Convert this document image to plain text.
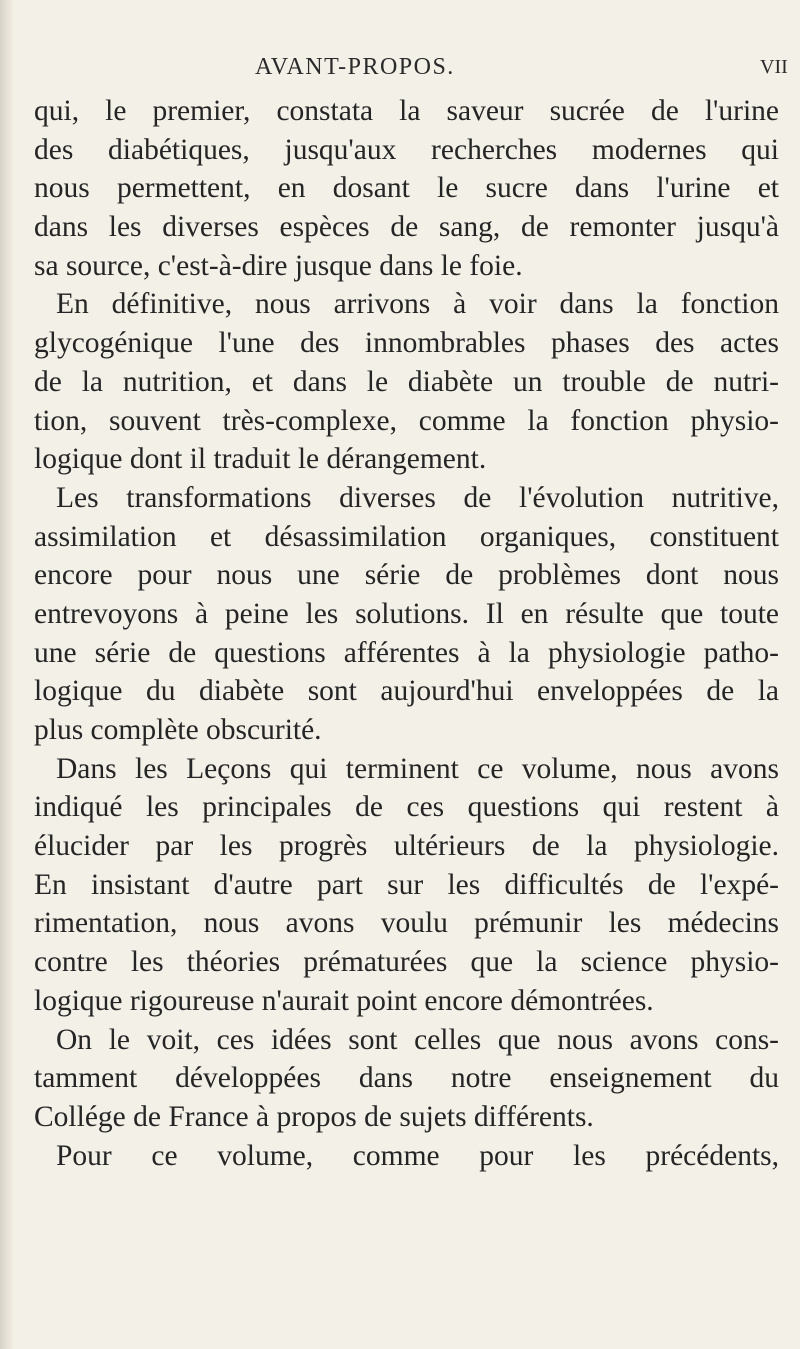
AVANT-PROPOS.	VII
qui, le premier, constata la saveur sucrée de l'urine
des diabétiques, jusqu'aux recherches modernes qui
nous permettent, en dosant le sucre dans l'urine et
dans les diverses espèces de sang, de remonter jusqu'à
sa source, c'est-à-dire jusque dans le foie.
En définitive, nous arrivons à voir dans la fonction
glycogénique l'une des innombrables phases des actes
de la nutrition, et dans le diabète un trouble de nutri-
tion, souvent très-complexe, comme la fonction physio-
logique dont il traduit le dérangement.
Les transformations diverses de l'évolution nutritive,
assimilation et désassimilation organiques, constituent
encore pour nous une série de problèmes dont nous
entrevoyons à peine les solutions. Il en résulte que toute
une série de questions afférentes à la physiologie patho-
logique du diabète sont aujourd'hui enveloppées de la
plus complète obscurité.
Dans les Leçons qui terminent ce volume, nous avons
indiqué les principales de ces questions qui restent à
élucider par les progrès ultérieurs de la physiologie.
En insistant d'autre part sur les difficultés de l'expé-
rimentation, nous avons voulu prémunir les médecins
contre les théories prématurées que la science physio-
logique rigoureuse n'aurait point encore démontrées.
On le voit, ces idées sont celles que nous avons cons-
tamment développées dans notre enseignement du
Collége de France à propos de sujets différents.
Pour ce volume, comme pour les précédents,
